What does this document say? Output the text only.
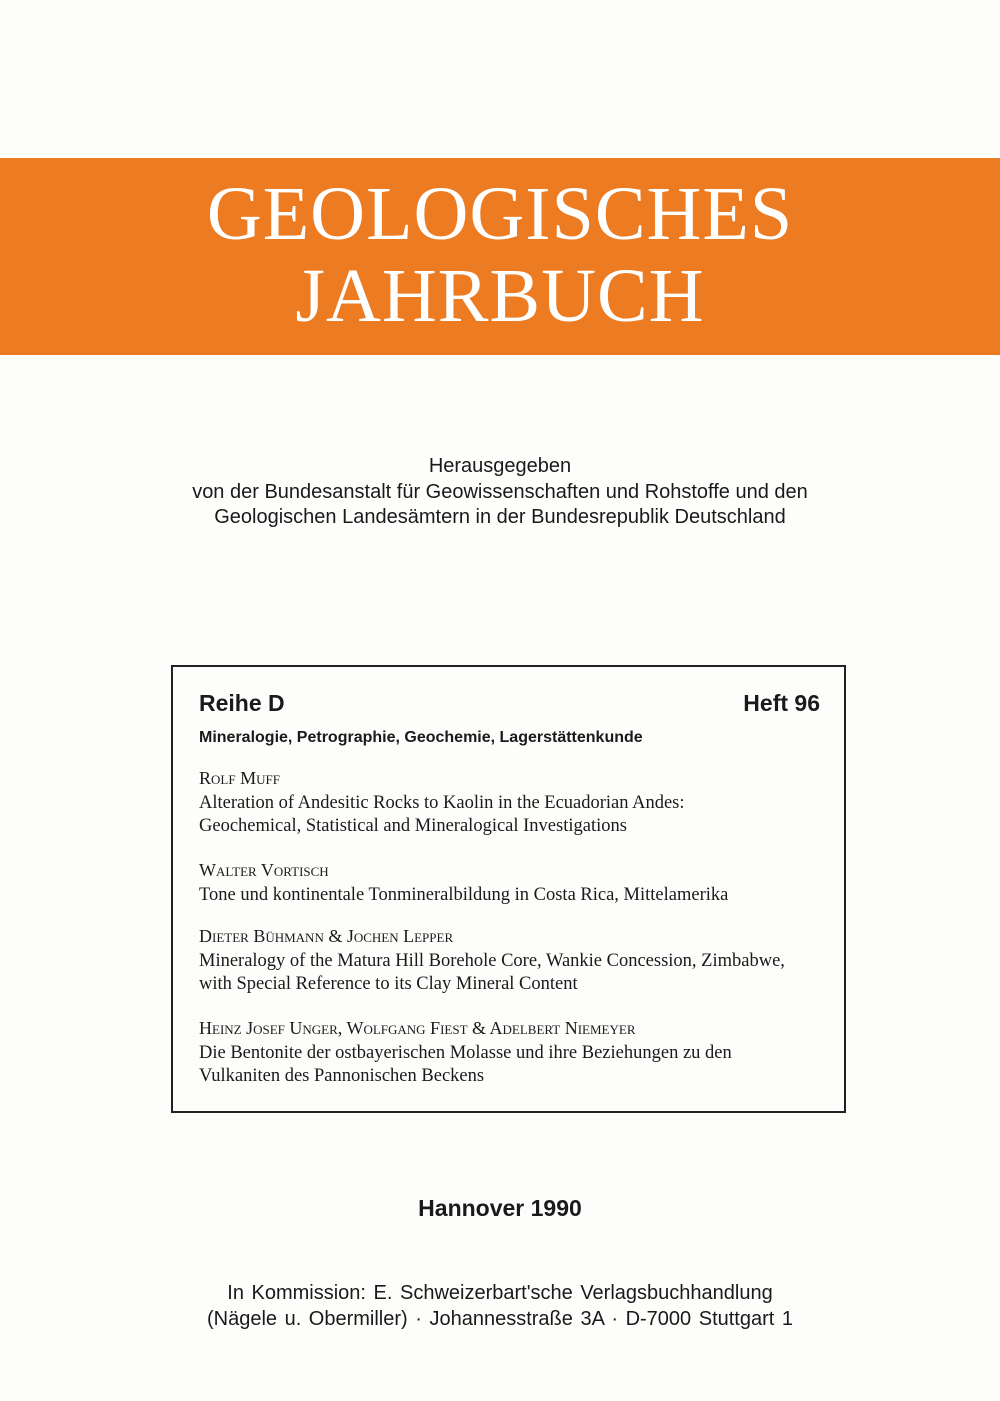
GEOLOGISCHES
JAHRBUCH
Herausgegeben
von der Bundesanstalt für Geowissenschaften und Rohstoffe und den
Geologischen Landesämtern in der Bundesrepublik Deutschland
Reihe D	Heft 96
Mineralogie, Petrographie, Geochemie, Lagerstättenkunde
Rolf Muff
Alteration of Andesitic Rocks to Kaolin in the Ecuadorian Andes:
Geochemical, Statistical and Mineralogical Investigations
Walter Vortisch
Tone und kontinentale Tonmineralbildung in Costa Rica, Mittelamerika
Dieter Bühmann & Jochen Lepper
Mineralogy of the Matura Hill Borehole Core, Wankie Concession, Zimbabwe,
with Special Reference to its Clay Mineral Content
Heinz Josef Unger, Wolfgang Fiest & Adelbert Niemeyer
Die Bentonite der ostbayerischen Molasse und ihre Beziehungen zu den
Vulkaniten des Pannonischen Beckens
Hannover 1990
In Kommission: E. Schweizerbart'sche Verlagsbuchhandlung
(Nägele u. Obermiller) · Johannesstraße 3A · D-7000 Stuttgart 1
